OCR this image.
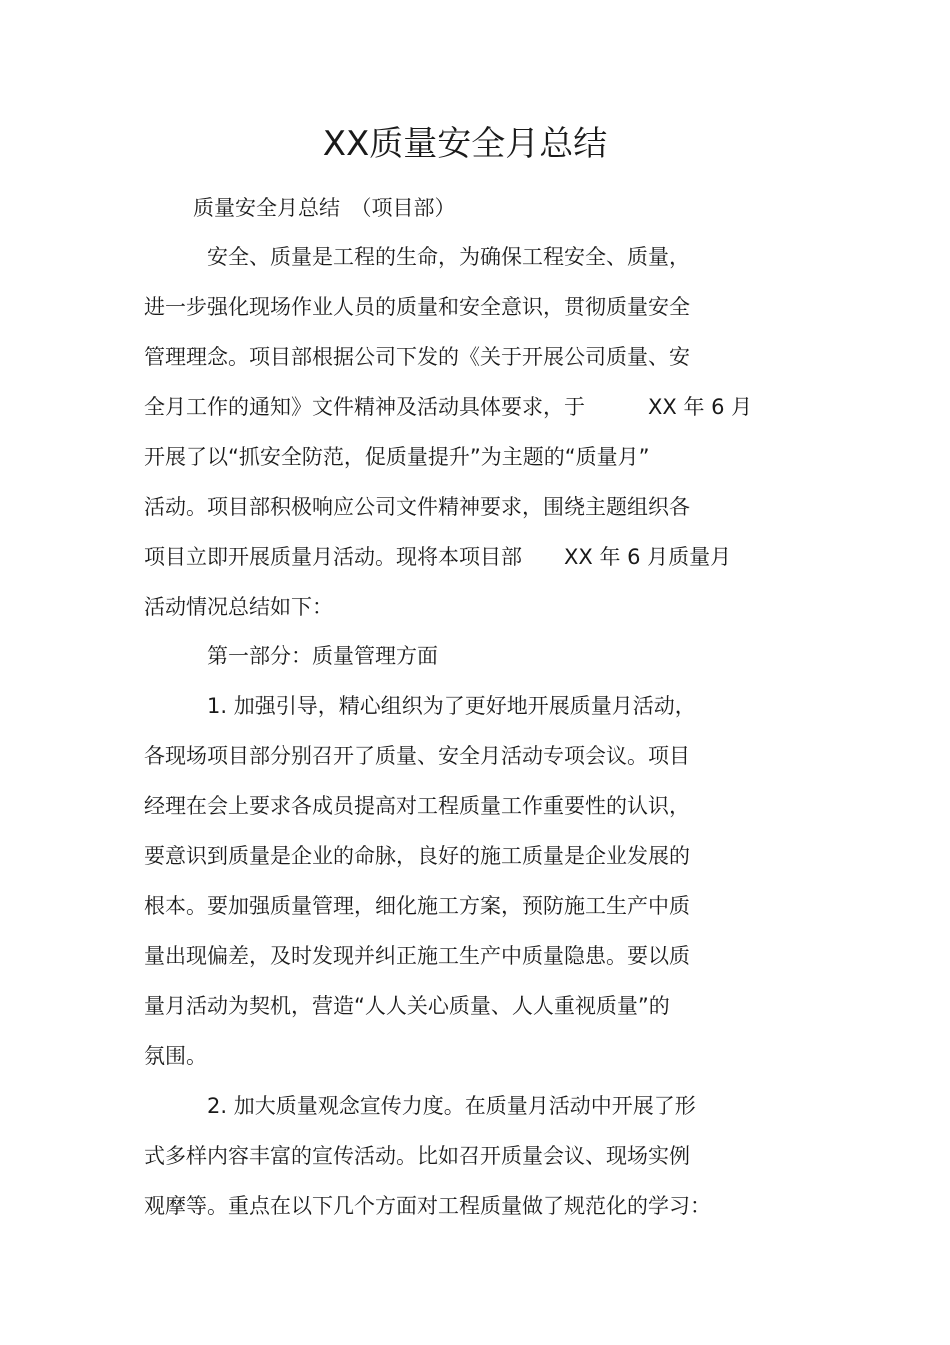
XX质量安全月总结
质量安全月总结　（项目部）
安全、质量是工程的生命，为确保工程安全、质量，
进一步强化现场作业人员的质量和安全意识，贯彻质量安全
管理理念。项目部根据公司下发的《关于开展公司质量、安
全月工作的通知》文件精神及活动具体要求，于　　　XX 年 6 月
开展了以“抓安全防范，促质量提升”为主题的“质量月”
活动。项目部积极响应公司文件精神要求，围绕主题组织各
项目立即开展质量月活动。现将本项目部　　XX 年 6 月质量月
活动情况总结如下：
第一部分：质量管理方面
1. 加强引导，精心组织为了更好地开展质量月活动，
各现场项目部分别召开了质量、安全月活动专项会议。项目
经理在会上要求各成员提高对工程质量工作重要性的认识，
要意识到质量是企业的命脉，良好的施工质量是企业发展的
根本。要加强质量管理，细化施工方案，预防施工生产中质
量出现偏差，及时发现并纠正施工生产中质量隐患。要以质
量月活动为契机，营造“人人关心质量、人人重视质量”的
氛围。
2. 加大质量观念宣传力度。在质量月活动中开展了形
式多样内容丰富的宣传活动。比如召开质量会议、现场实例
观摩等。重点在以下几个方面对工程质量做了规范化的学习：
